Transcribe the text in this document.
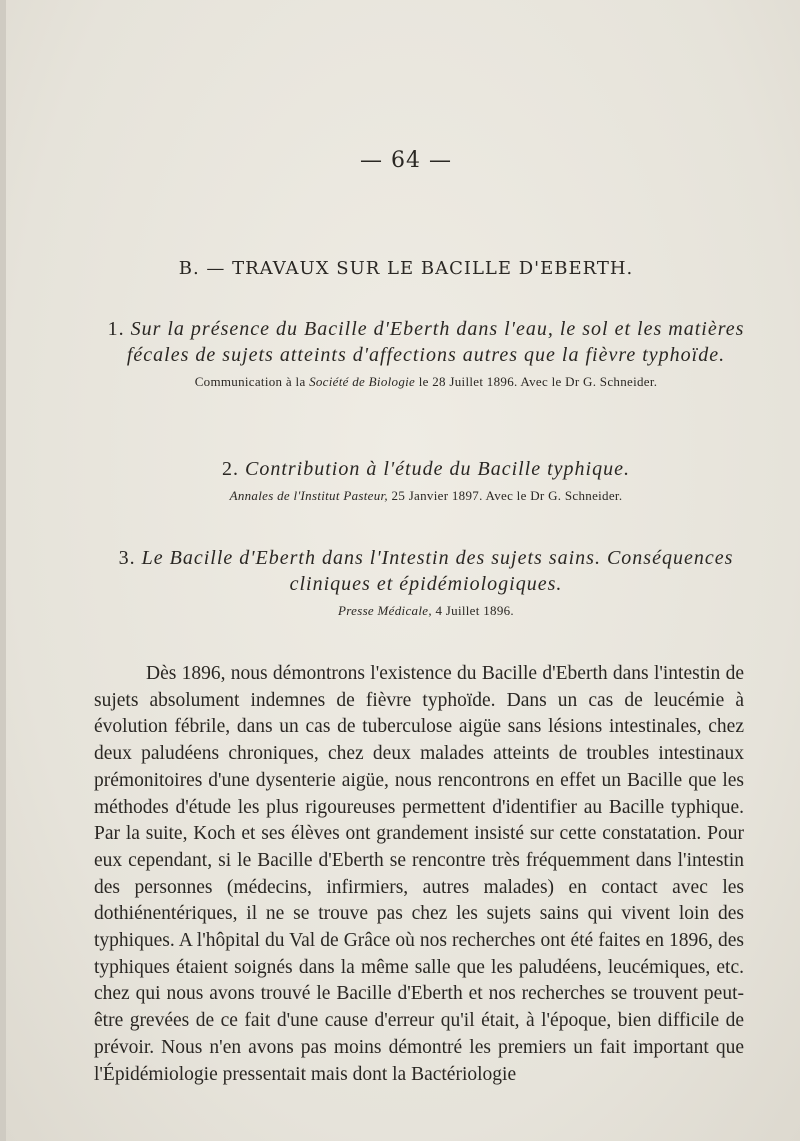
— 64 —
B. — TRAVAUX SUR LE BACILLE D'EBERTH.
1. Sur la présence du Bacille d'Eberth dans l'eau, le sol et les matières fécales de sujets atteints d'affections autres que la fièvre typhoïde.
Communication à la Société de Biologie le 28 Juillet 1896. Avec le Dr G. Schneider.
2. Contribution à l'étude du Bacille typhique.
Annales de l'Institut Pasteur, 25 Janvier 1897. Avec le Dr G. Schneider.
3. Le Bacille d'Eberth dans l'Intestin des sujets sains. Conséquences cliniques et épidémiologiques.
Presse Médicale, 4 Juillet 1896.
Dès 1896, nous démontrons l'existence du Bacille d'Eberth dans l'intestin de sujets absolument indemnes de fièvre typhoïde. Dans un cas de leucémie à évolution fébrile, dans un cas de tuberculose aigüe sans lésions intestinales, chez deux paludéens chroniques, chez deux malades atteints de troubles intestinaux prémonitoires d'une dysenterie aigüe, nous rencontrons en effet un Bacille que les méthodes d'étude les plus rigoureuses permettent d'identifier au Bacille typhique. Par la suite, Koch et ses élèves ont grandement insisté sur cette constatation. Pour eux cependant, si le Bacille d'Eberth se rencontre très fréquemment dans l'intestin des personnes (médecins, infirmiers, autres malades) en contact avec les dothiénentériques, il ne se trouve pas chez les sujets sains qui vivent loin des typhiques. A l'hôpital du Val de Grâce où nos recherches ont été faites en 1896, des typhiques étaient soignés dans la même salle que les paludéens, leucémiques, etc. chez qui nous avons trouvé le Bacille d'Eberth et nos recherches se trouvent peut-être grevées de ce fait d'une cause d'erreur qu'il était, à l'époque, bien difficile de prévoir. Nous n'en avons pas moins démontré les premiers un fait important que l'Épidémiologie pressentait mais dont la Bactériologie
